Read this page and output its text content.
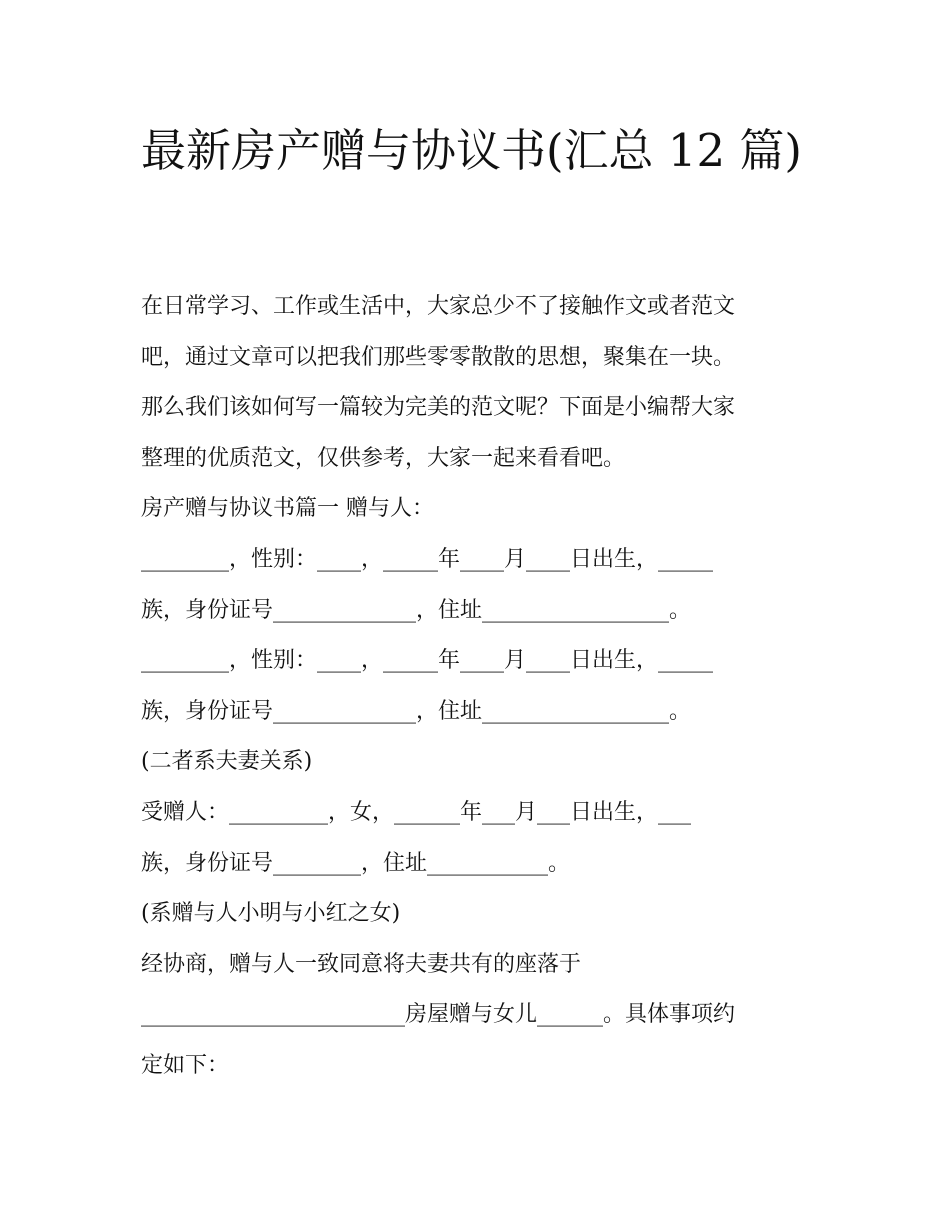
最新房产赠与协议书(汇总 12 篇)

在日常学习、工作或生活中，大家总少不了接触作文或者范文

吧，通过文章可以把我们那些零零散散的思想，聚集在一块。

那么我们该如何写一篇较为完美的范文呢？下面是小编帮大家

整理的优质范文，仅供参考，大家一起来看看吧。

房产赠与协议书篇一 赠与人：

________，性别：____，_____年____月____日出生，_____

族，身份证号_____________，住址_________________。

________，性别：____，_____年____月____日出生，_____

族，身份证号_____________，住址_________________。

(二者系夫妻关系)

受赠人：_________，女，______年___月___日出生，___

族，身份证号________，住址___________。

(系赠与人小明与小红之女)

经协商，赠与人一致同意将夫妻共有的座落于

________________________房屋赠与女儿______。具体事项约

定如下：
